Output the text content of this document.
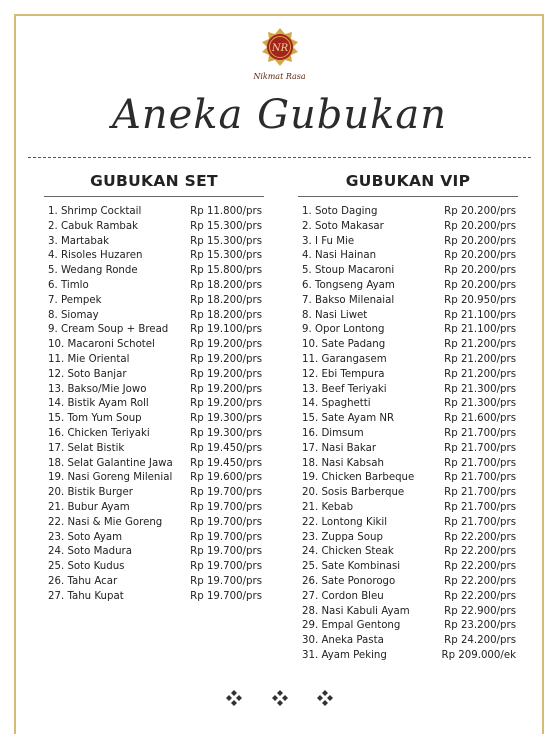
NR
Nikmat Rasa
Aneka Gubukan
GUBUKAN SET
1. Shrimp Cocktail	Rp 11.800/prs
2. Cabuk Rambak	Rp 15.300/prs
3. Martabak	Rp 15.300/prs
4. Risoles Huzaren	Rp 15.300/prs
5. Wedang Ronde	Rp 15.800/prs
6. Timlo	Rp 18.200/prs
7. Pempek	Rp 18.200/prs
8. Siomay	Rp 18.200/prs
9. Cream Soup + Bread Rp 19.100/prs
10. Macaroni Schotel	Rp 19.200/prs
11. Mie Oriental	Rp 19.200/prs
12. Soto Banjar	Rp 19.200/prs
13. Bakso/Mie Jowo	Rp 19.200/prs
14. Bistik Ayam Roll	Rp 19.200/prs
15. Tom Yum Soup	Rp 19.300/prs
16. Chicken Teriyaki	Rp 19.300/prs
17. Selat Bistik	Rp 19.450/prs
18. Selat Galantine Jawa Rp 19.450/prs
19. Nasi Goreng Milenial Rp 19.600/prs
20. Bistik Burger	Rp 19.700/prs
21. Bubur Ayam	Rp 19.700/prs
22. Nasi & Mie Goreng	Rp 19.700/prs
23. Soto Ayam	Rp 19.700/prs
24. Soto Madura	Rp 19.700/prs
25. Soto Kudus	Rp 19.700/prs
26. Tahu Acar	Rp 19.700/prs
27. Tahu Kupat	Rp 19.700/prs
GUBUKAN VIP
1. Soto Daging	Rp 20.200/prs
2. Soto Makasar	Rp 20.200/prs
3. I Fu Mie	Rp 20.200/prs
4. Nasi Hainan	Rp 20.200/prs
5. Stoup Macaroni	Rp 20.200/prs
6. Tongseng Ayam	Rp 20.200/prs
7. Bakso Milenaial	Rp 20.950/prs
8. Nasi Liwet	Rp 21.100/prs
9. Opor Lontong	Rp 21.100/prs
10. Sate Padang	Rp 21.200/prs
11. Garangasem	Rp 21.200/prs
12. Ebi Tempura	Rp 21.200/prs
13. Beef Teriyaki	Rp 21.300/prs
14. Spaghetti	Rp 21.300/prs
15. Sate Ayam NR	Rp 21.600/prs
16. Dimsum	Rp 21.700/prs
17. Nasi Bakar	Rp 21.700/prs
18. Nasi Kabsah	Rp 21.700/prs
19. Chicken Barbeque	Rp 21.700/prs
20. Sosis Barberque	Rp 21.700/prs
21. Kebab	Rp 21.700/prs
22. Lontong Kikil	Rp 21.700/prs
23. Zuppa Soup	Rp 22.200/prs
24. Chicken Steak	Rp 22.200/prs
25. Sate Kombinasi	Rp 22.200/prs
26. Sate Ponorogo	Rp 22.200/prs
27. Cordon Bleu	Rp 22.200/prs
28. Nasi Kabuli Ayam	Rp 22.900/prs
29. Empal Gentong	Rp 23.200/prs
30. Aneka Pasta	Rp 24.200/prs
31. Ayam Peking	Rp 209.000/ek
